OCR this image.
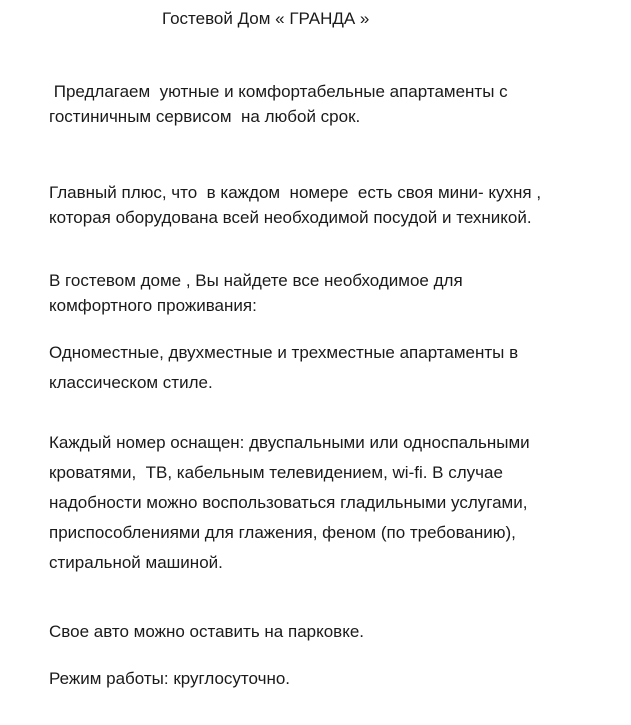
Гостевой Дом « ГРАНДА »

Предлагаем  уютные и комфортабельные апартаменты с
гостиничным сервисом  на любой срок.

Главный плюс, что  в каждом  номере  есть своя мини- кухня ,
которая оборудована всей необходимой посудой и техникой.

В гостевом доме , Вы найдете все необходимое для
комфортного проживания:

Одноместные, двухместные и трехместные апартаменты в
классическом стиле.

Каждый номер оснащен: двуспальными или односпальными
кроватями,  ТВ, кабельным телевидением, wi-fi. В случае
надобности можно воспользоваться гладильными услугами,
приспособлениями для глажения, феном (по требованию),
стиральной машиной.

Свое авто можно оставить на парковке.

Режим работы: круглосуточно.
